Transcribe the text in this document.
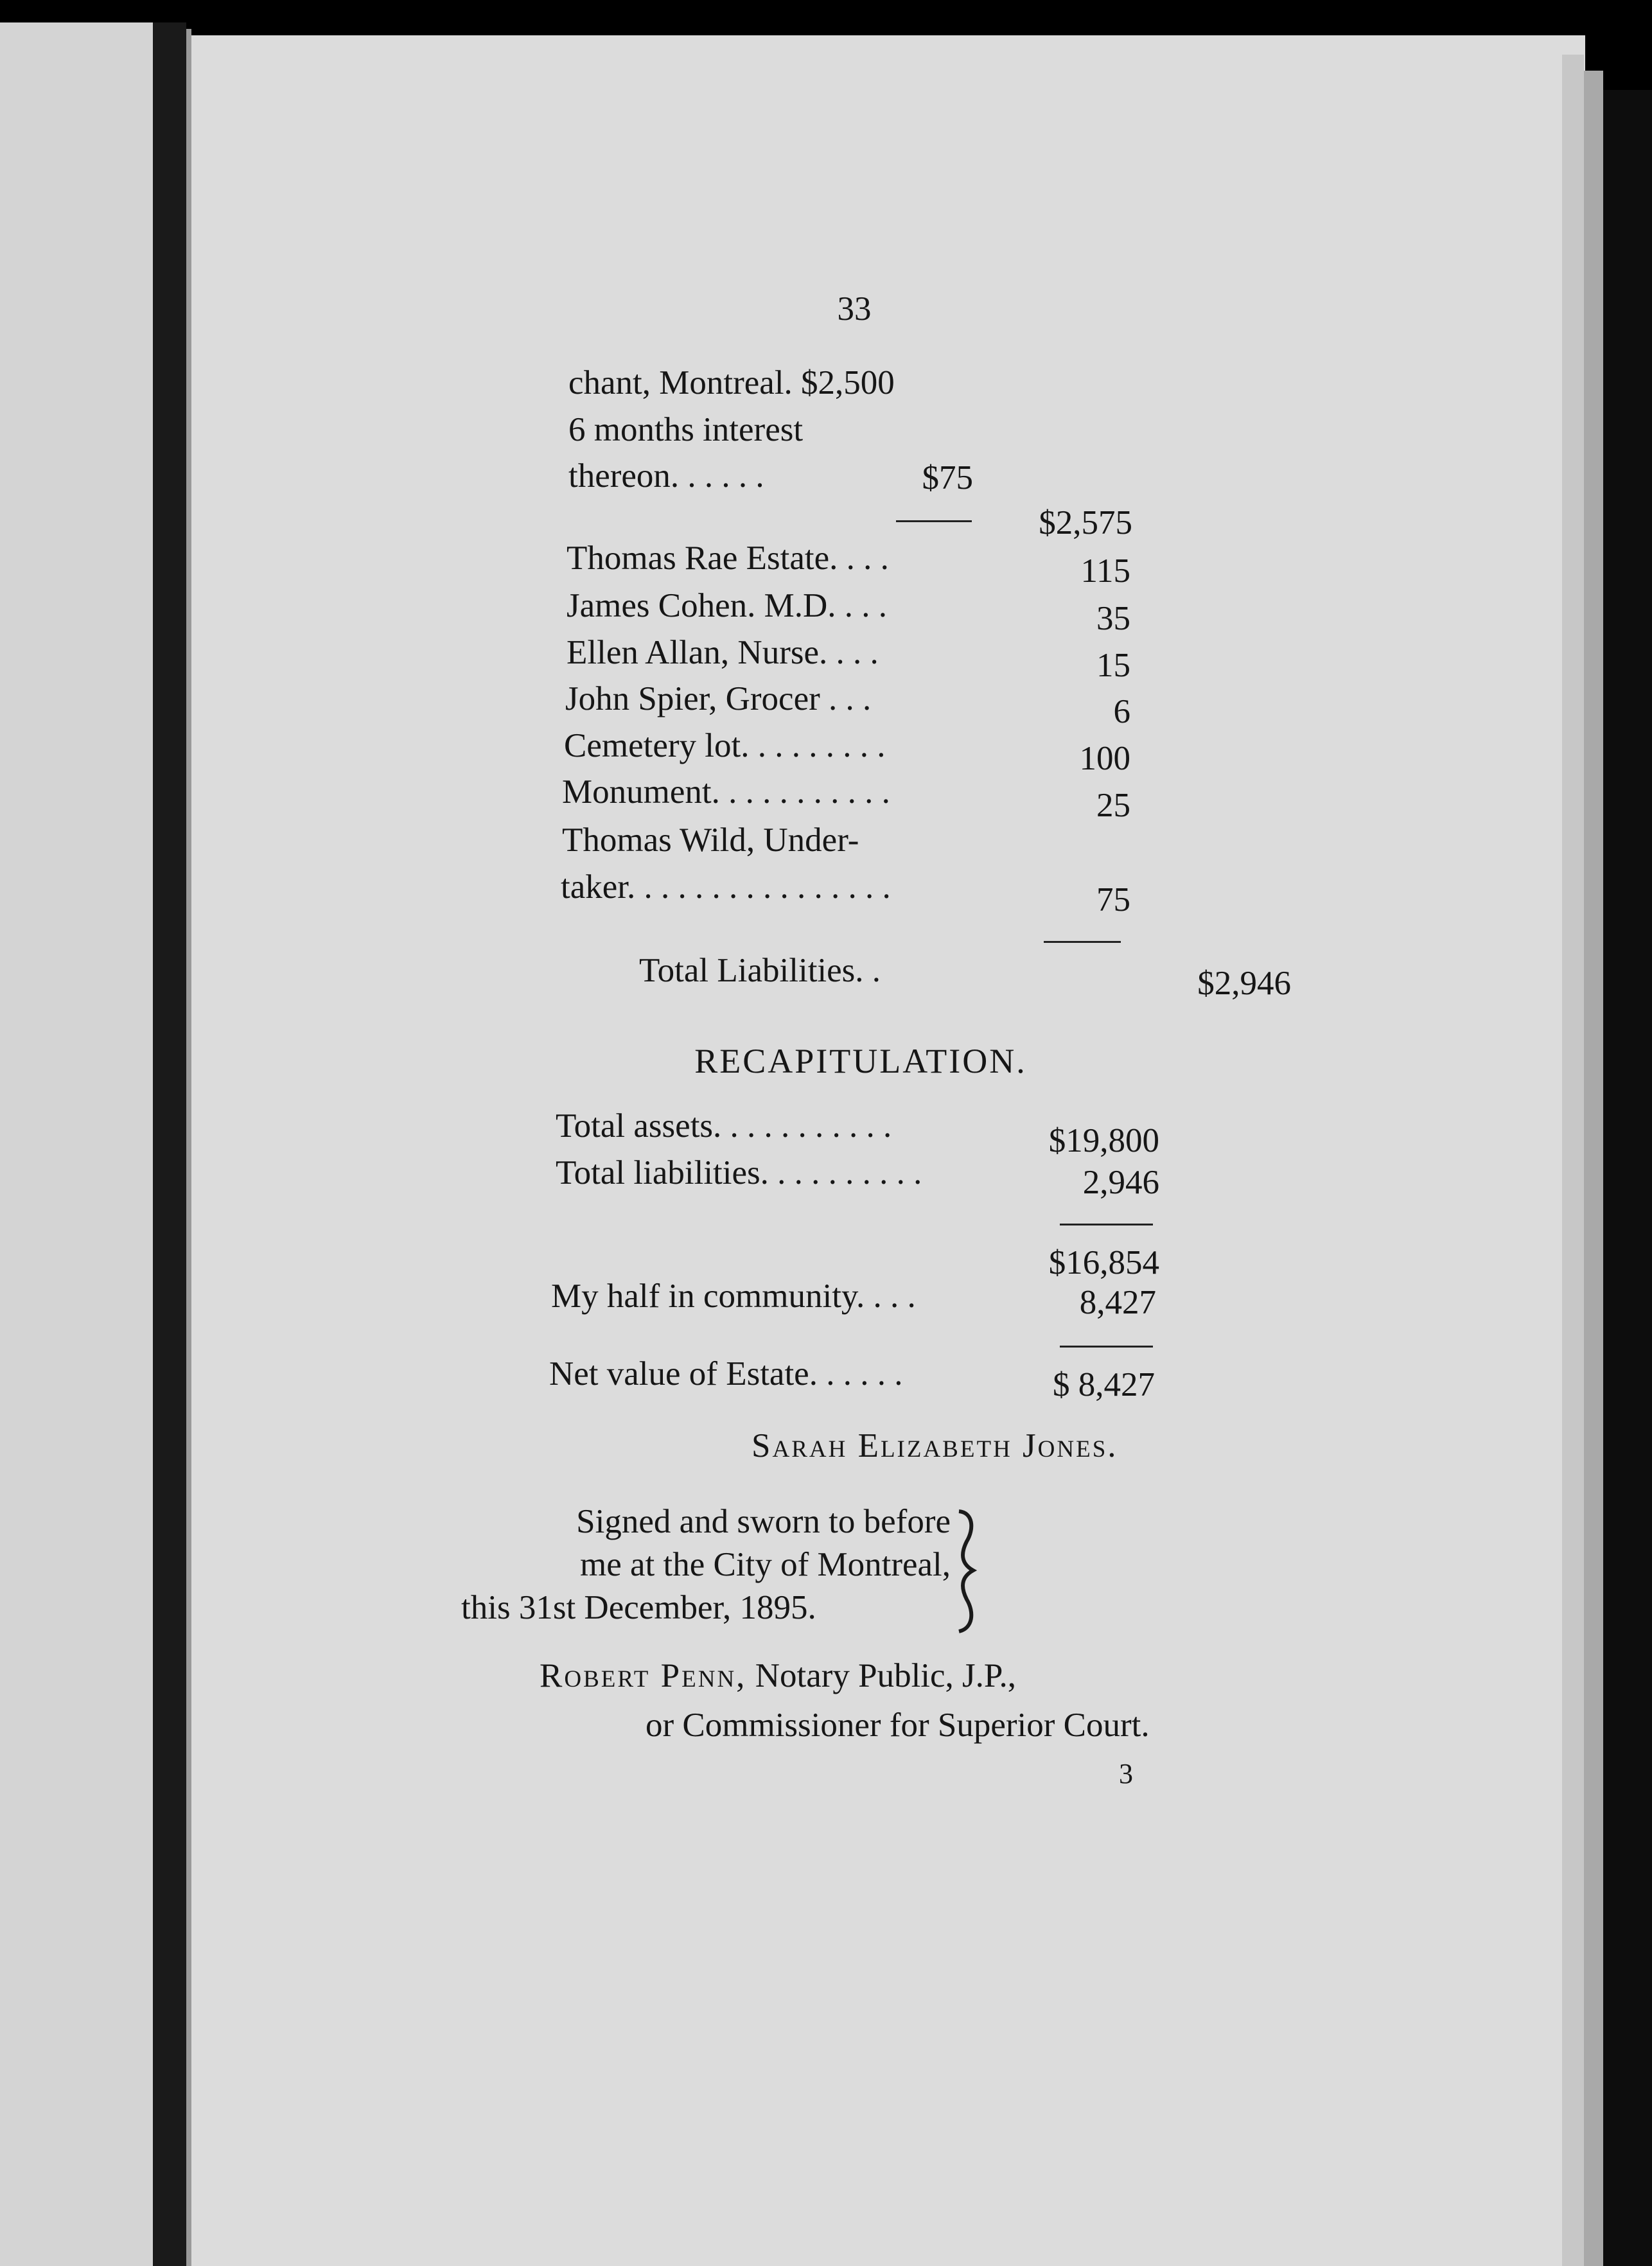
33
chant, Montreal. $2,500
6 months interest
thereon. . . . . .	$75
$2,575
Thomas Rae Estate. . . .	115
James Cohen. M.D. . . .	35
Ellen Allan, Nurse. . . .	15
John Spier, Grocer . . .	6
Cemetery lot. . . . . . . . .	100
Monument. . . . . . . . . . .	25
Thomas Wild, Under-
taker. . . . . . . . . . . . . . . .	75
Total Liabilities. .	$2,946
RECAPITULATION.
Total assets. . . . . . . . . . .	$19,800
Total liabilities. . . . . . . . . .	2,946
$16,854
My half in community. . . .	8,427
Net value of Estate. . . . . .	$ 8,427
Sarah Elizabeth Jones.
Signed and sworn to before
me at the City of Montreal,
this 31st December, 1895.
Robert Penn, Notary Public, J.P.,
or Commissioner for Superior Court.
3
